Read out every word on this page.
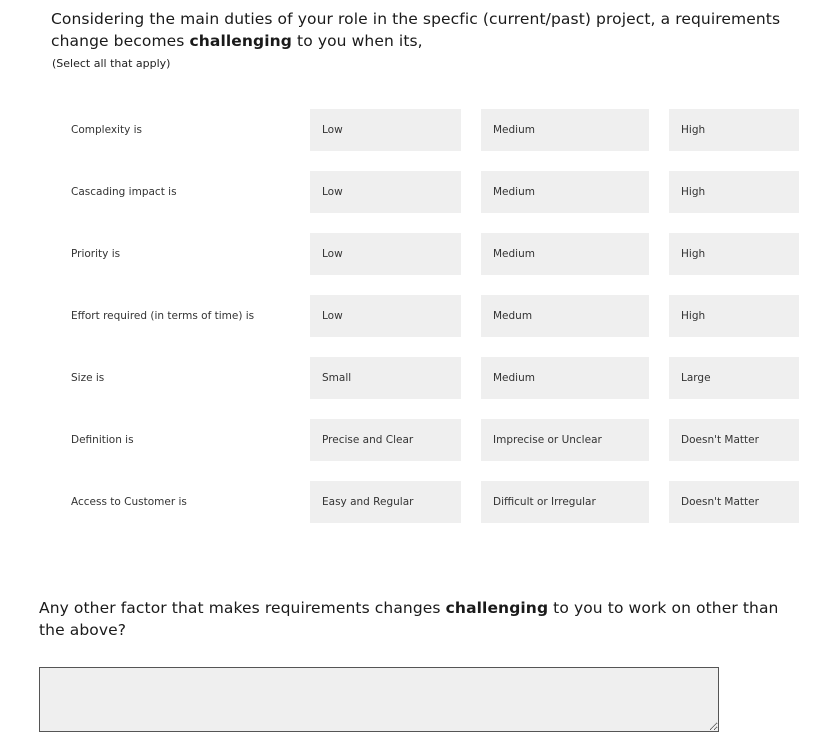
Considering the main duties of your role in the specfic (current/past) project, a requirements change becomes challenging to you when its,
(Select all that apply)
Complexity is	Low	Medium	High
Cascading impact is	Low	Medium	High
Priority is	Low	Medium	High
Effort required (in terms of time) is	Low	Medum	High
Size is	Small	Medium	Large
Definition is	Precise and Clear	Imprecise or Unclear	Doesn't Matter
Access to Customer is	Easy and Regular	Difficult or Irregular	Doesn't Matter
Any other factor that makes requirements changes challenging to you to work on other than the above?
